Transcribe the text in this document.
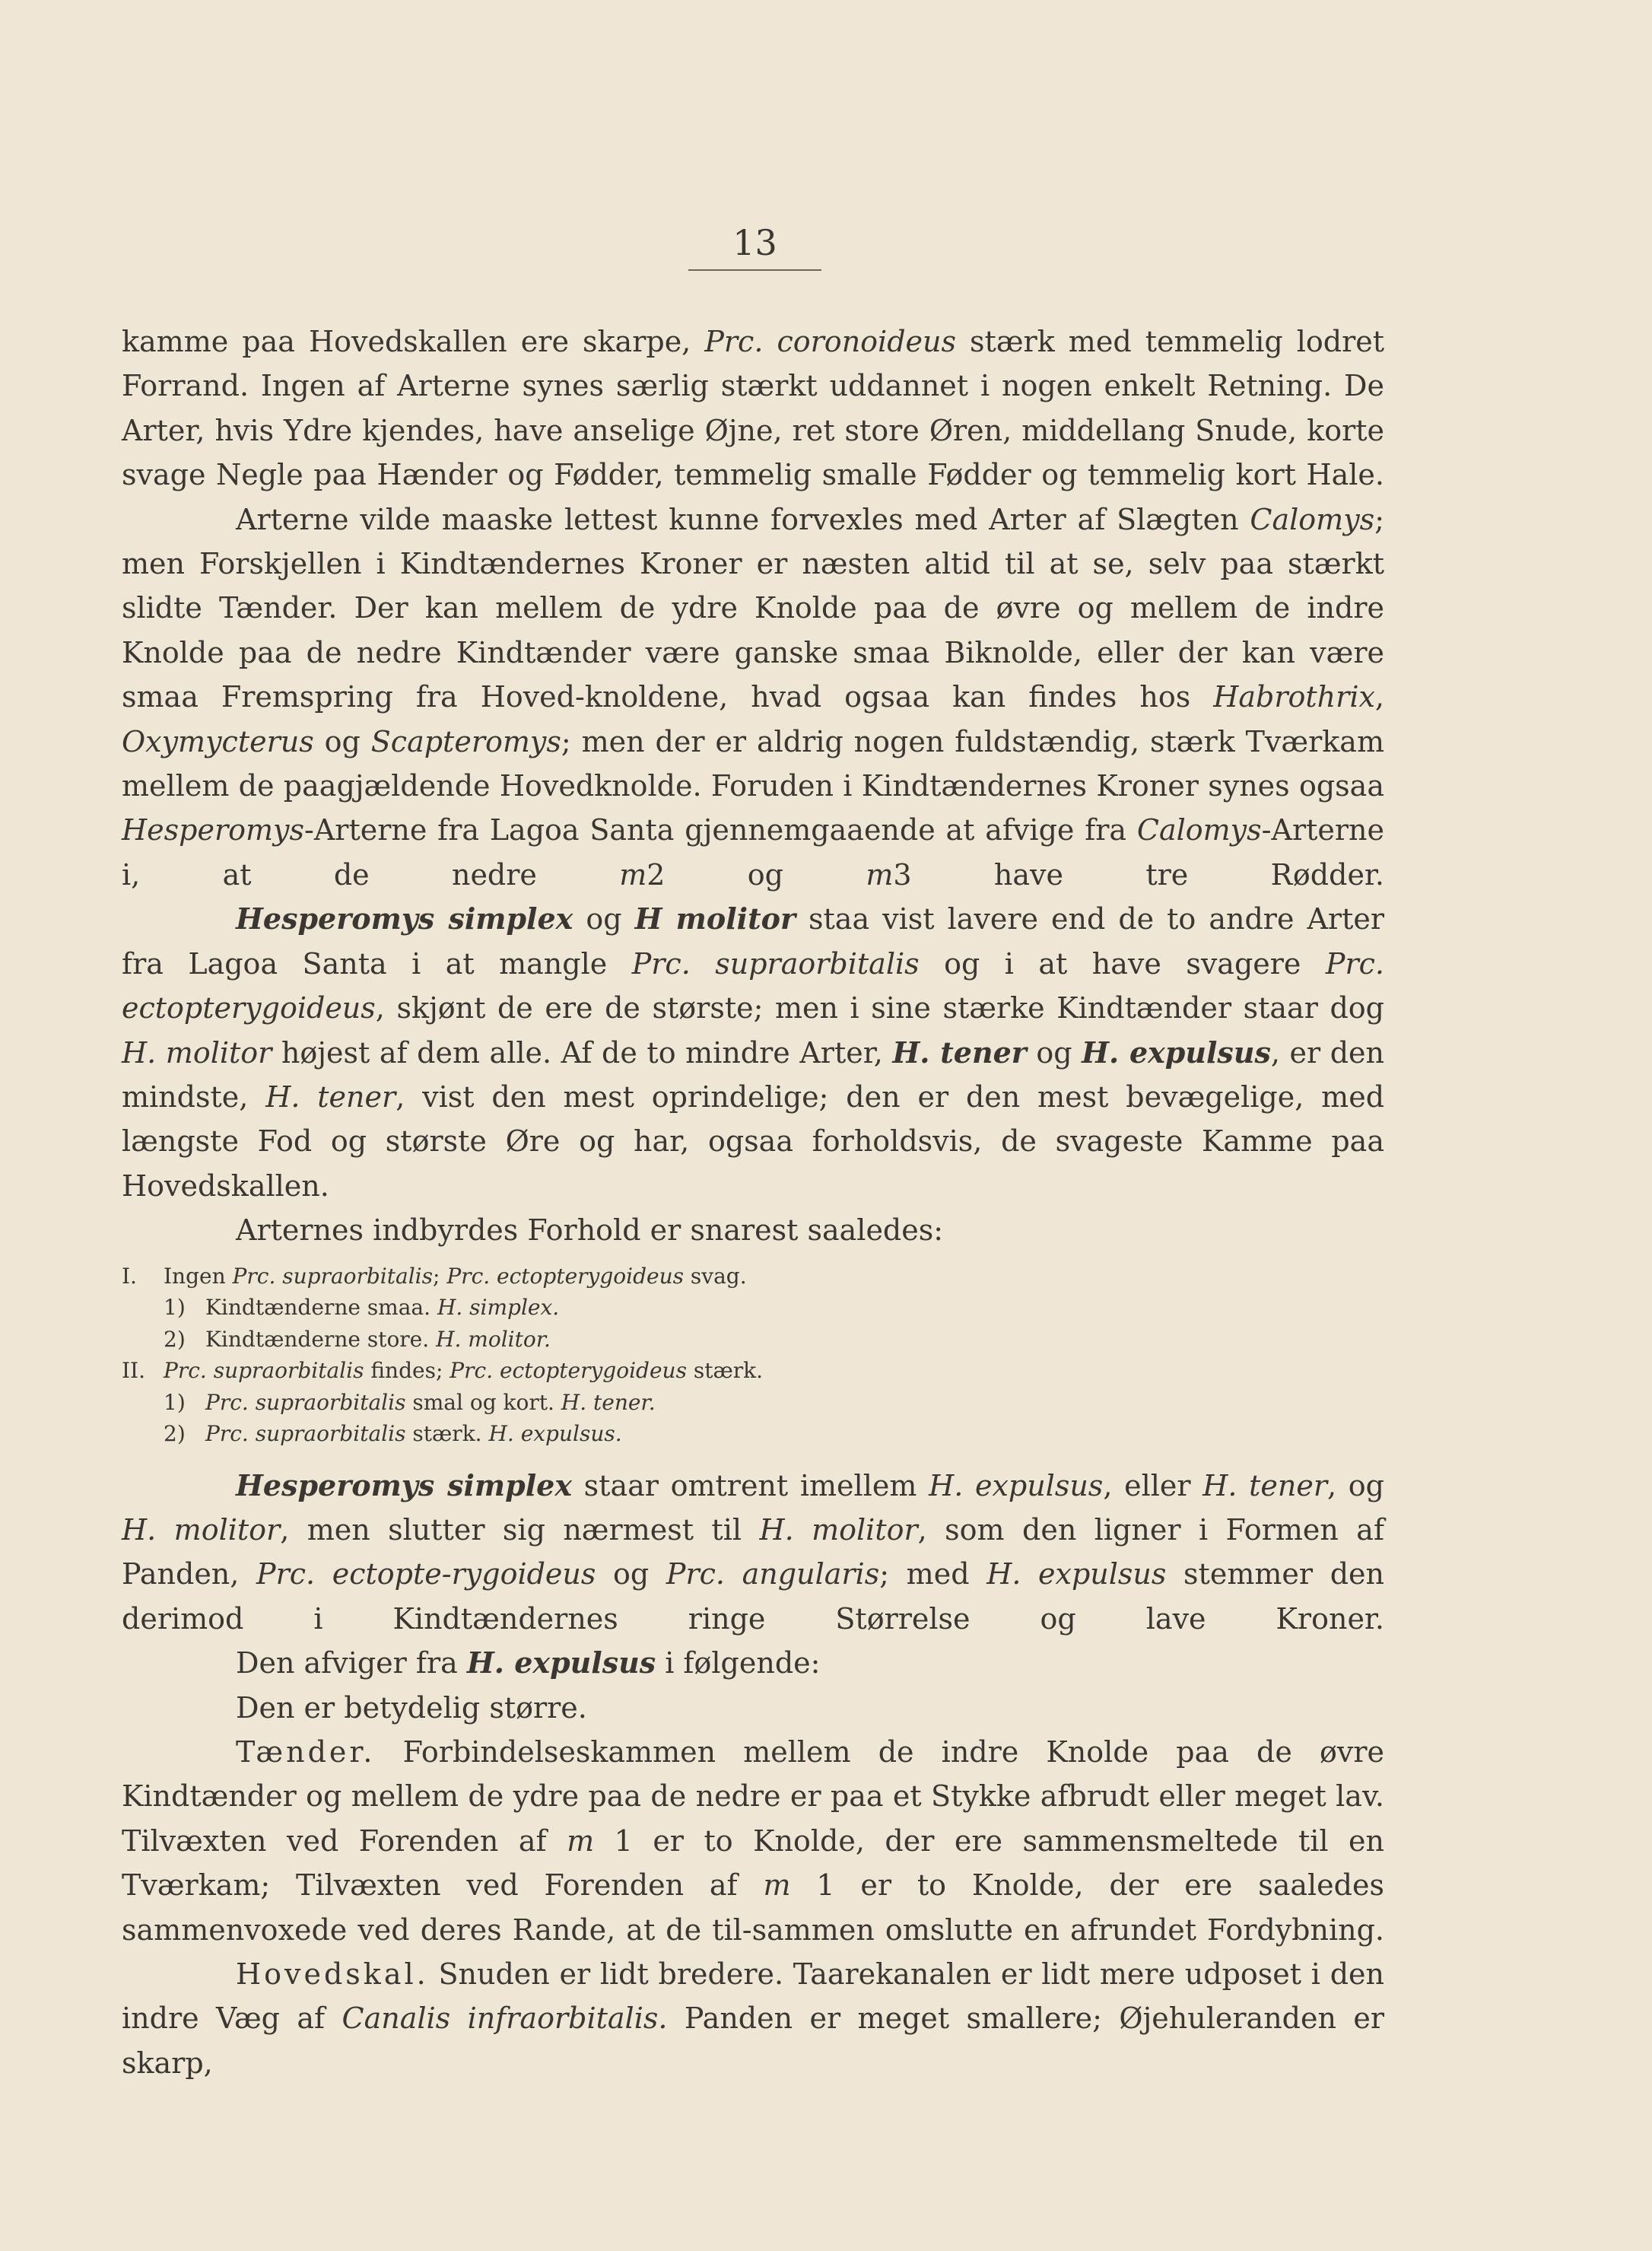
13

kamme paa Hovedskallen ere skarpe, Prc. coronoideus stærk med temmelig lodret Forrand. Ingen af Arterne synes særlig stærkt uddannet i nogen enkelt Retning. De Arter, hvis Ydre kjendes, have anselige Øjne, ret store Øren, middellang Snude, korte svage Negle paa Hænder og Fødder, temmelig smalle Fødder og temmelig kort Hale.

Arterne vilde maaske lettest kunne forvexles med Arter af Slægten Calomys; men Forskjellen i Kindtændernes Kroner er næsten altid til at se, selv paa stærkt slidte Tænder. Der kan mellem de ydre Knolde paa de øvre og mellem de indre Knolde paa de nedre Kindtænder være ganske smaa Biknolde, eller der kan være smaa Fremspring fra Hoved-knoldene, hvad ogsaa kan findes hos Habrothrix, Oxymycterus og Scapteromys; men der er aldrig nogen fuldstændig, stærk Tværkam mellem de paagjældende Hovedknolde. Foruden i Kindtændernes Kroner synes ogsaa Hesperomys-Arterne fra Lagoa Santa gjennemgaaende at afvige fra Calomys-Arterne i, at de nedre m2 og m3 have tre Rødder.

Hesperomys simplex og H molitor staa vist lavere end de to andre Arter fra Lagoa Santa i at mangle Prc. supraorbitalis og i at have svagere Prc. ectopterygoideus, skjønt de ere de største; men i sine stærke Kindtænder staar dog H. molitor højest af dem alle. Af de to mindre Arter, H. tener og H. expulsus, er den mindste, H. tener, vist den mest oprindelige; den er den mest bevægelige, med længste Fod og største Øre og har, ogsaa forholdsvis, de svageste Kamme paa Hovedskallen.

Arternes indbyrdes Forhold er snarest saaledes:

I. Ingen Prc. supraorbitalis; Prc. ectopterygoideus svag.
1) Kindtænderne smaa. H. simplex.
2) Kindtænderne store. H. molitor.
II. Prc. supraorbitalis findes; Prc. ectopterygoideus stærk.
1) Prc. supraorbitalis smal og kort. H. tener.
2) Prc. supraorbitalis stærk. H. expulsus.

Hesperomys simplex staar omtrent imellem H. expulsus, eller H. tener, og H. molitor, men slutter sig nærmest til H. molitor, som den ligner i Formen af Panden, Prc. ectopte-rygoideus og Prc. angularis; med H. expulsus stemmer den derimod i Kindtændernes ringe Størrelse og lave Kroner.

Den afviger fra H. expulsus i følgende:

Den er betydelig større.

Tænder. Forbindelseskammen mellem de indre Knolde paa de øvre Kindtænder og mellem de ydre paa de nedre er paa et Stykke afbrudt eller meget lav. Tilvæxten ved Forenden af m 1 er to Knolde, der ere sammensmeltede til en Tværkam; Tilvæxten ved Forenden af m 1 er to Knolde, der ere saaledes sammenvoxede ved deres Rande, at de til-sammen omslutte en afrundet Fordybning.

Hovedskal. Snuden er lidt bredere. Taarekanalen er lidt mere udposet i den indre Væg af Canalis infraorbitalis. Panden er meget smallere; Øjehuleranden er skarp,
